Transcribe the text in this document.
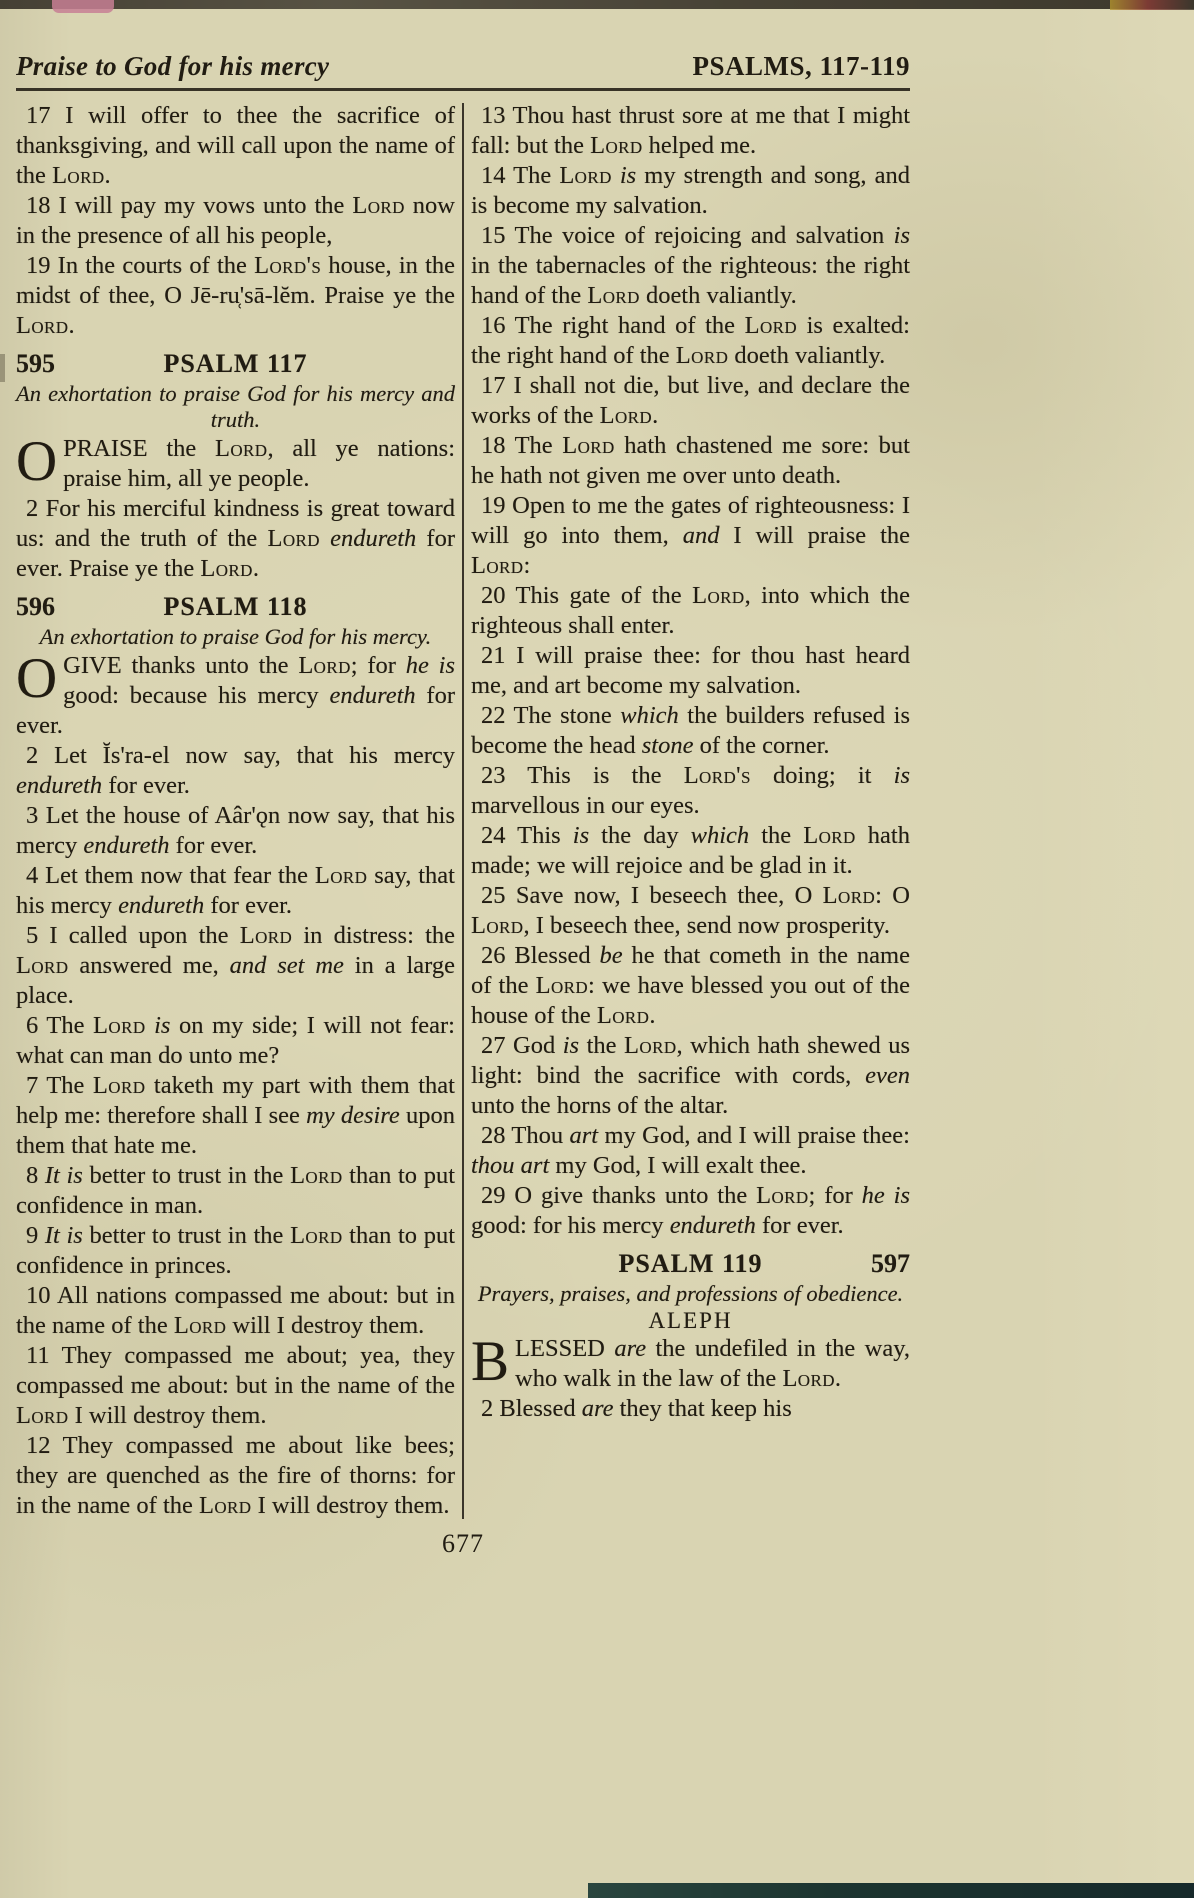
Praise to God for his mercy	PSALMS, 117-119

17 I will offer to thee the sacrifice of thanksgiving, and will call upon the name of the Lord.

18 I will pay my vows unto the Lord now in the presence of all his people,

19 In the courts of the Lord's house, in the midst of thee, O Jē-ru̜'sā-lĕm. Praise ye the Lord.

595	PSALM 117

An exhortation to praise God for his mercy and truth.

OPRAISE the Lord, all ye nations: praise him, all ye people.

2 For his merciful kindness is great toward us: and the truth of the Lord endureth for ever. Praise ye the Lord.

596	PSALM 118

An exhortation to praise God for his mercy.

OGIVE thanks unto the Lord; for he is good: because his mercy endureth for ever.

2 Let Ĭs'ra-el now say, that his mercy endureth for ever.

3 Let the house of Aâr'ǫn now say, that his mercy endureth for ever.

4 Let them now that fear the Lord say, that his mercy endureth for ever.

5 I called upon the Lord in distress: the Lord answered me, and set me in a large place.

6 The Lord is on my side; I will not fear: what can man do unto me?

7 The Lord taketh my part with them that help me: therefore shall I see my desire upon them that hate me.

8 It is better to trust in the Lord than to put confidence in man.

9 It is better to trust in the Lord than to put confidence in princes.

10 All nations compassed me about: but in the name of the Lord will I destroy them.

11 They compassed me about; yea, they compassed me about: but in the name of the Lord I will destroy them.

12 They compassed me about like bees; they are quenched as the fire of thorns: for in the name of the Lord I will destroy them.

13 Thou hast thrust sore at me that I might fall: but the Lord helped me.

14 The Lord is my strength and song, and is become my salvation.

15 The voice of rejoicing and salvation is in the tabernacles of the righteous: the right hand of the Lord doeth valiantly.

16 The right hand of the Lord is exalted: the right hand of the Lord doeth valiantly.

17 I shall not die, but live, and declare the works of the Lord.

18 The Lord hath chastened me sore: but he hath not given me over unto death.

19 Open to me the gates of righteousness: I will go into them, and I will praise the Lord:

20 This gate of the Lord, into which the righteous shall enter.

21 I will praise thee: for thou hast heard me, and art become my salvation.

22 The stone which the builders refused is become the head stone of the corner.

23 This is the Lord's doing; it is marvellous in our eyes.

24 This is the day which the Lord hath made; we will rejoice and be glad in it.

25 Save now, I beseech thee, O Lord: O Lord, I beseech thee, send now prosperity.

26 Blessed be he that cometh in the name of the Lord: we have blessed you out of the house of the Lord.

27 God is the Lord, which hath shewed us light: bind the sacrifice with cords, even unto the horns of the altar.

28 Thou art my God, and I will praise thee: thou art my God, I will exalt thee.

29 O give thanks unto the Lord; for he is good: for his mercy endureth for ever.

PSALM 119	597

Prayers, praises, and professions of obedience.

ALEPH

BLESSED are the undefiled in the way, who walk in the law of the Lord.

2 Blessed are they that keep his

677
